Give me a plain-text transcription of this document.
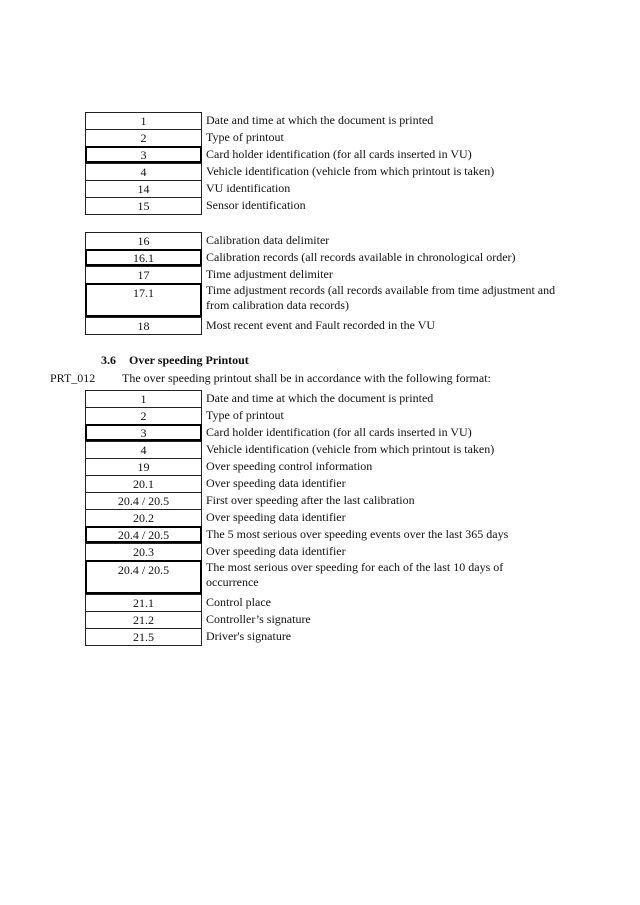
1	Date and time at which the document is printed
2	Type of printout
3	Card holder identification (for all cards inserted in VU)
4	Vehicle identification (vehicle from which printout is taken)
14	VU identification
15	Sensor identification
16	Calibration data delimiter
16.1	Calibration records (all records available in chronological order)
17	Time adjustment delimiter
17.1	Time adjustment records (all records available from time adjustment and from calibration data records)
18	Most recent event and Fault recorded in the VU
3.6 Over speeding Printout
PRT_012 The over speeding printout shall be in accordance with the following format:
1	Date and time at which the document is printed
2	Type of printout
3	Card holder identification (for all cards inserted in VU)
4	Vehicle identification (vehicle from which printout is taken)
19	Over speeding control information
20.1	Over speeding data identifier
20.4 / 20.5	First over speeding after the last calibration
20.2	Over speeding data identifier
20.4 / 20.5	The 5 most serious over speeding events over the last 365 days
20.3	Over speeding data identifier
20.4 / 20.5	The most serious over speeding for each of the last 10 days of occurrence
21.1	Control place
21.2	Controller’s signature
21.5	Driver's signature
